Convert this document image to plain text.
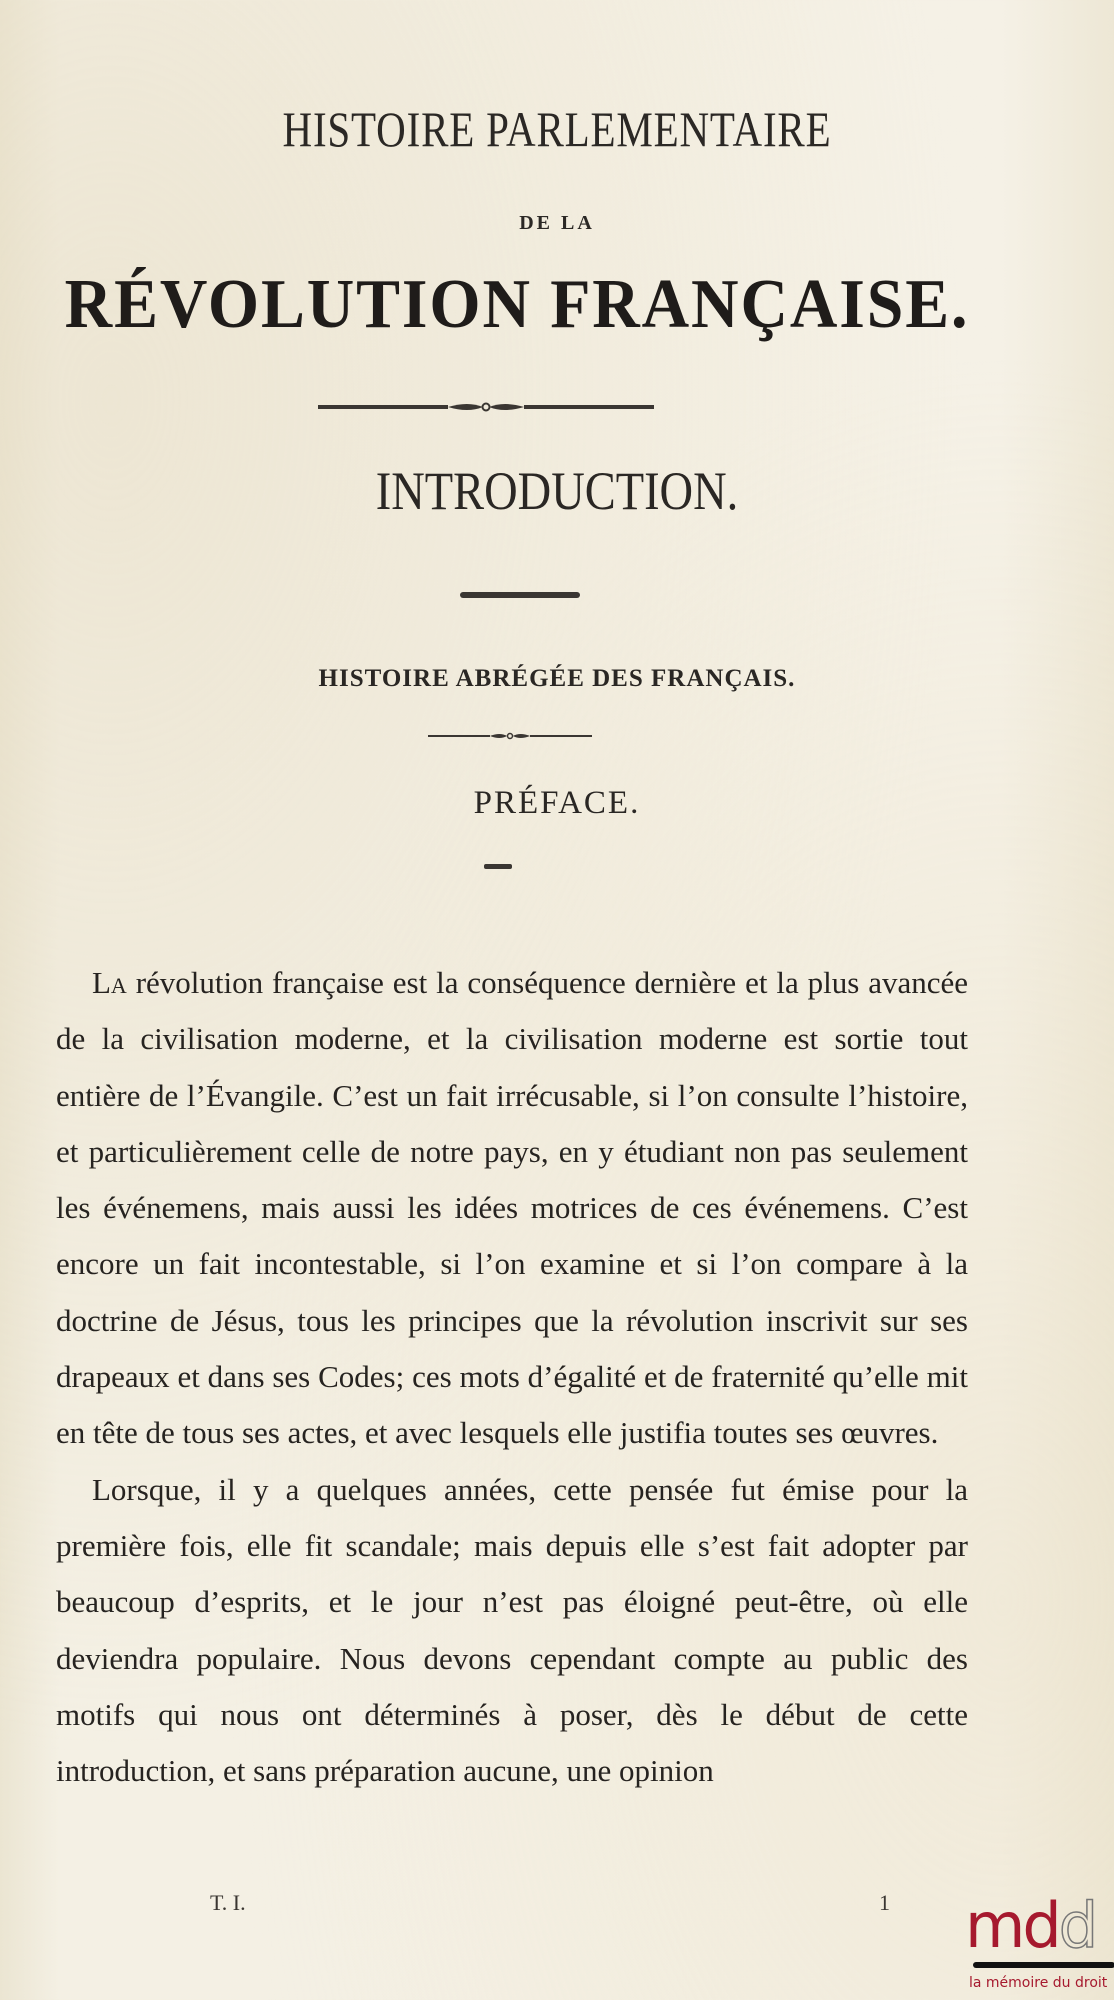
HISTOIRE PARLEMENTAIRE
DE LA
RÉVOLUTION FRANÇAISE.
INTRODUCTION.
HISTOIRE ABRÉGÉE DES FRANÇAIS.
PRÉFACE.

La révolution française est la conséquence dernière et la plus avancée de la civilisation moderne, et la civilisation moderne est sortie tout entière de l’Évangile. C’est un fait irrécusable, si l’on consulte l’histoire, et particulièrement celle de notre pays, en y étudiant non pas seulement les événemens, mais aussi les idées motrices de ces événemens. C’est encore un fait incontestable, si l’on examine et si l’on compare à la doctrine de Jésus, tous les principes que la révolution inscrivit sur ses drapeaux et dans ses Codes; ces mots d’égalité et de fraternité qu’elle mit en tête de tous ses actes, et avec lesquels elle justifia toutes ses œuvres.

Lorsque, il y a quelques années, cette pensée fut émise pour la première fois, elle fit scandale; mais depuis elle s’est fait adopter par beaucoup d’esprits, et le jour n’est pas éloigné peut-être, où elle deviendra populaire. Nous devons cependant compte au public des motifs qui nous ont déterminés à poser, dès le début de cette introduction, et sans préparation aucune, une opinion

T. I.	1 mdd
la mémoire du droit
